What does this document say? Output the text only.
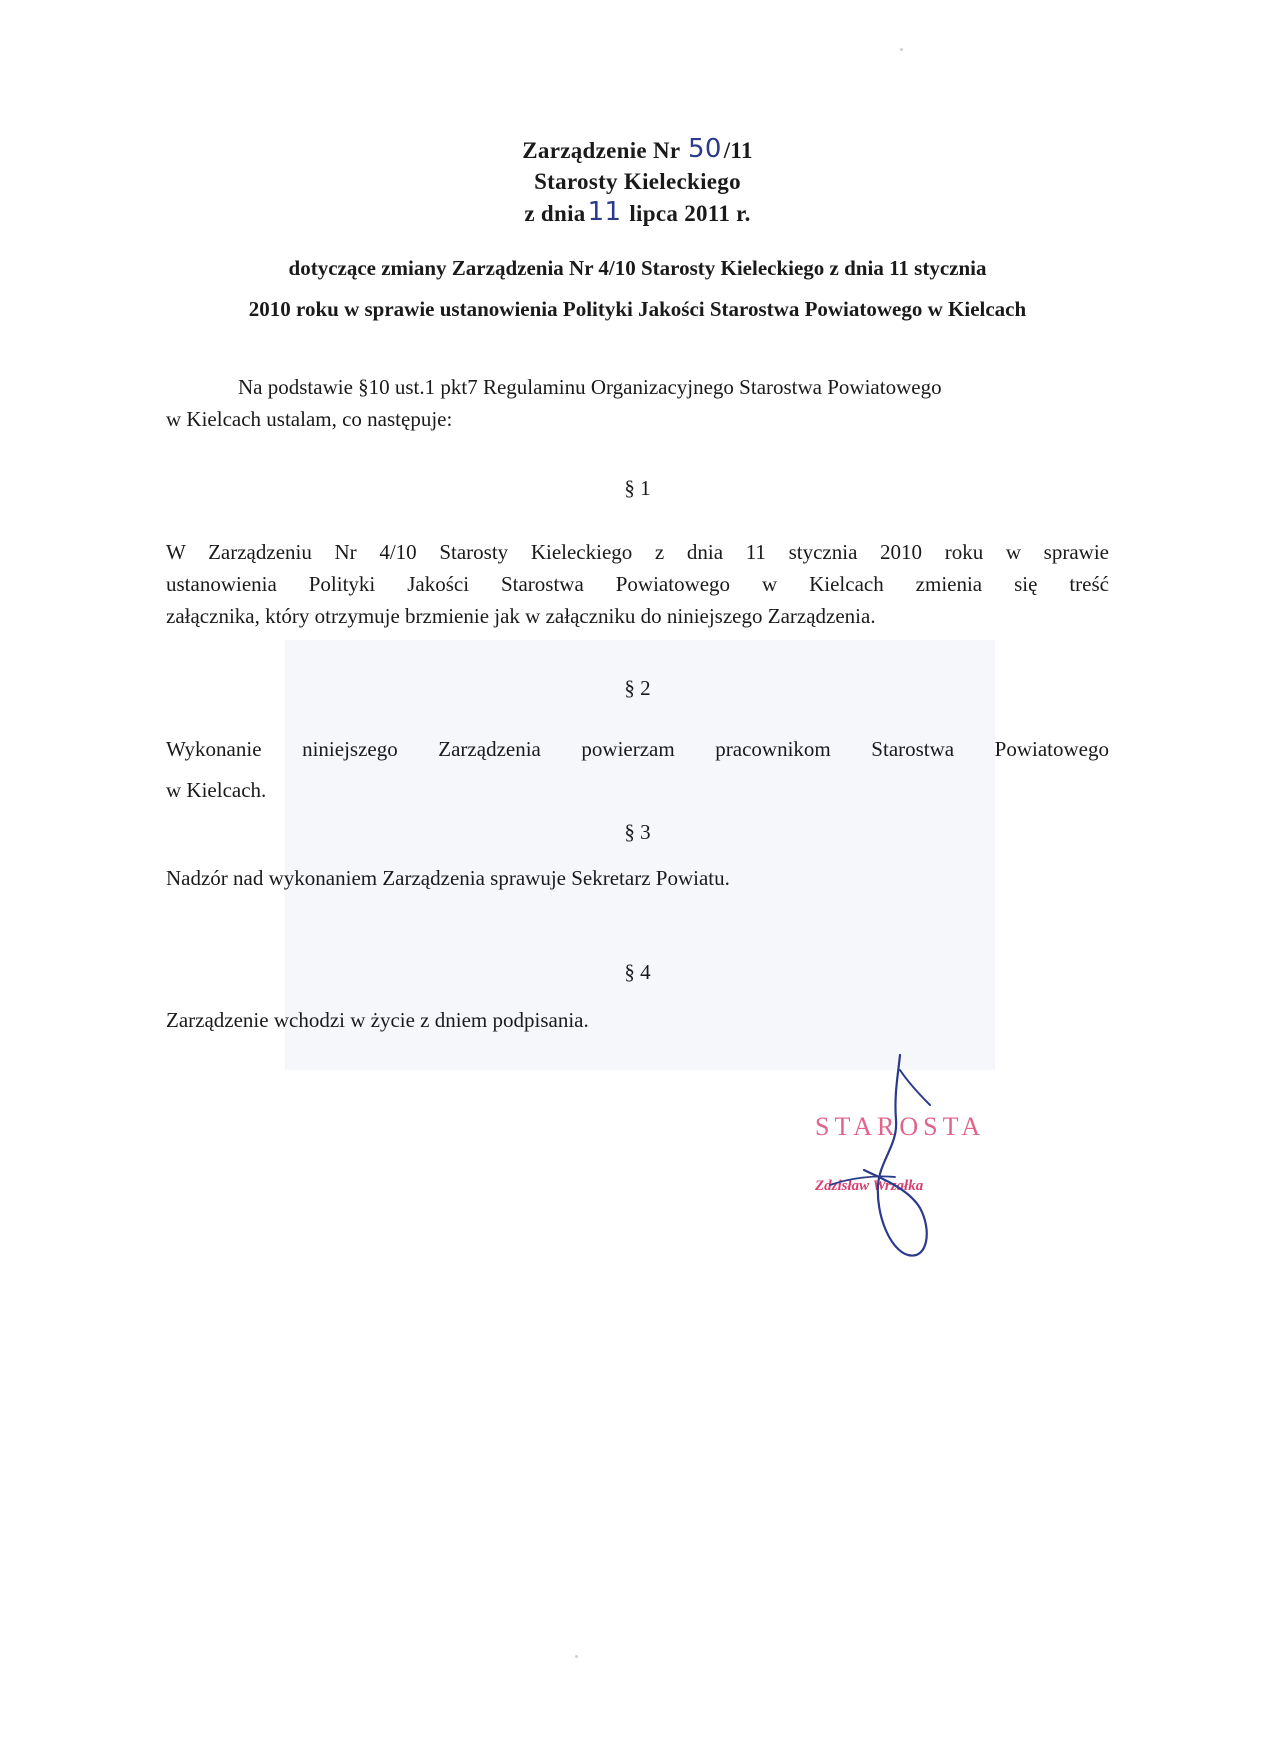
Zarządzenie Nr 50/11
Starosty Kieleckiego
z dnia11 lipca 2011 r.
dotyczące zmiany Zarządzenia Nr 4/10 Starosty Kieleckiego z dnia 11 stycznia
2010 roku w sprawie ustanowienia Polityki Jakości Starostwa Powiatowego w Kielcach
Na podstawie §10 ust.1 pkt7 Regulaminu Organizacyjnego Starostwa Powiatowego
w Kielcach ustalam, co następuje:
§ 1
W Zarządzeniu Nr 4/10 Starosty Kieleckiego z dnia 11 stycznia 2010 roku w sprawie
ustanowienia Polityki Jakości Starostwa Powiatowego w Kielcach zmienia się treść
załącznika, który otrzymuje brzmienie jak w załączniku do niniejszego Zarządzenia.
§ 2
Wykonanie niniejszego Zarządzenia powierzam pracownikom Starostwa Powiatowego
w Kielcach.
§ 3
Nadzór nad wykonaniem Zarządzenia sprawuje Sekretarz Powiatu.
§ 4
Zarządzenie wchodzi w życie z dniem podpisania.
STAROSTA
Zdzisław Wrzałka
